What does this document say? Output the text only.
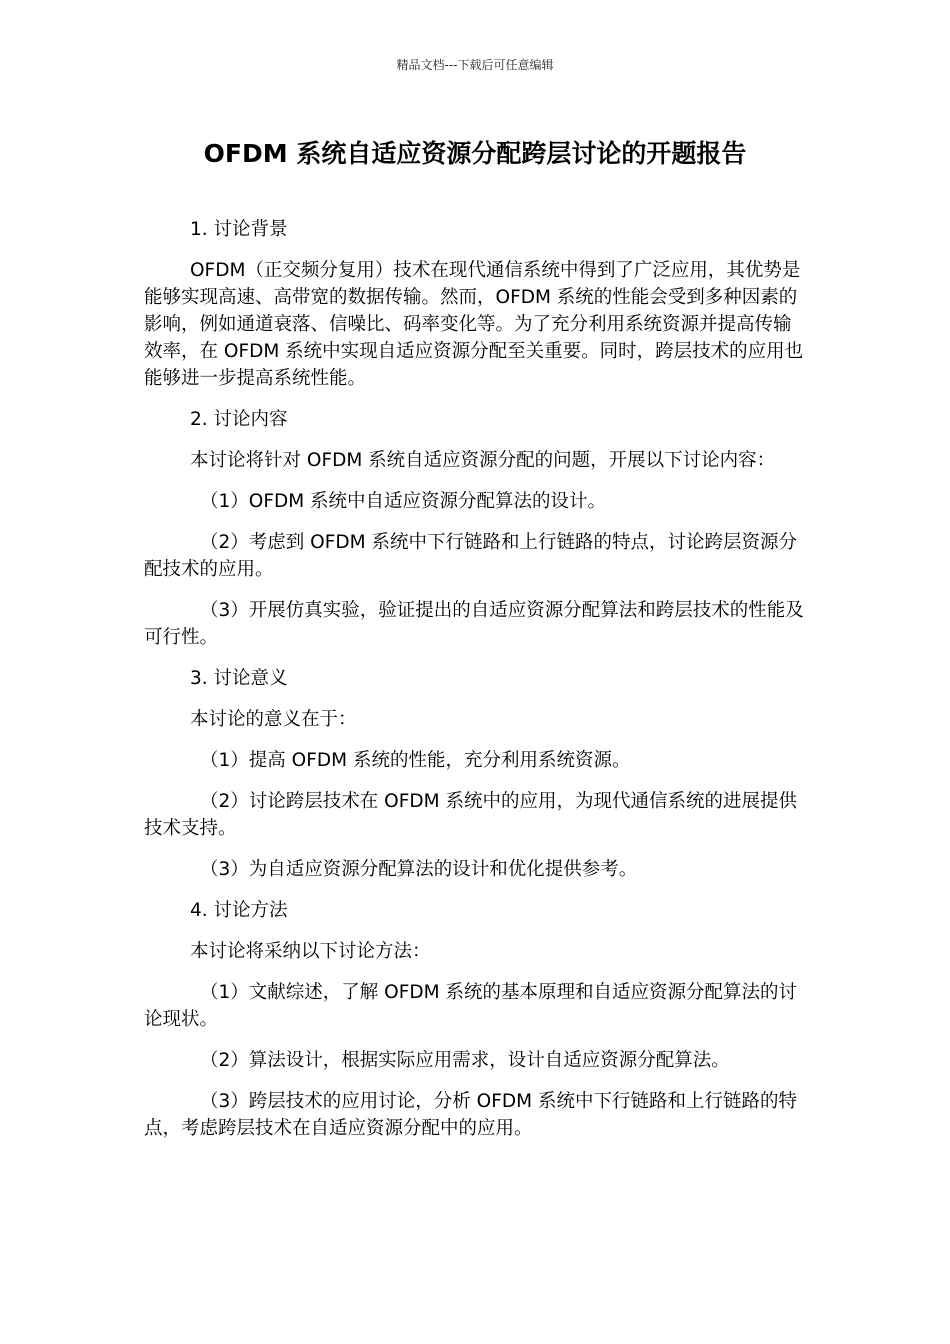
精品文档---下载后可任意编辑
OFDM 系统自适应资源分配跨层讨论的开题报告

1. 讨论背景

OFDM（正交频分复用）技术在现代通信系统中得到了广泛应用，其优势是能够实现高速、高带宽的数据传输。然而，OFDM 系统的性能会受到多种因素的影响，例如通道衰落、信噪比、码率变化等。为了充分利用系统资源并提高传输效率，在 OFDM 系统中实现自适应资源分配至关重要。同时，跨层技术的应用也能够进一步提高系统性能。

2. 讨论内容

本讨论将针对 OFDM 系统自适应资源分配的问题，开展以下讨论内容：

（1）OFDM 系统中自适应资源分配算法的设计。

（2）考虑到 OFDM 系统中下行链路和上行链路的特点，讨论跨层资源分配技术的应用。

（3）开展仿真实验，验证提出的自适应资源分配算法和跨层技术的性能及可行性。

3. 讨论意义

本讨论的意义在于：

（1）提高 OFDM 系统的性能，充分利用系统资源。

（2）讨论跨层技术在 OFDM 系统中的应用，为现代通信系统的进展提供技术支持。

（3）为自适应资源分配算法的设计和优化提供参考。

4. 讨论方法

本讨论将采纳以下讨论方法：

（1）文献综述，了解 OFDM 系统的基本原理和自适应资源分配算法的讨论现状。

（2）算法设计，根据实际应用需求，设计自适应资源分配算法。

（3）跨层技术的应用讨论，分析 OFDM 系统中下行链路和上行链路的特点，考虑跨层技术在自适应资源分配中的应用。
